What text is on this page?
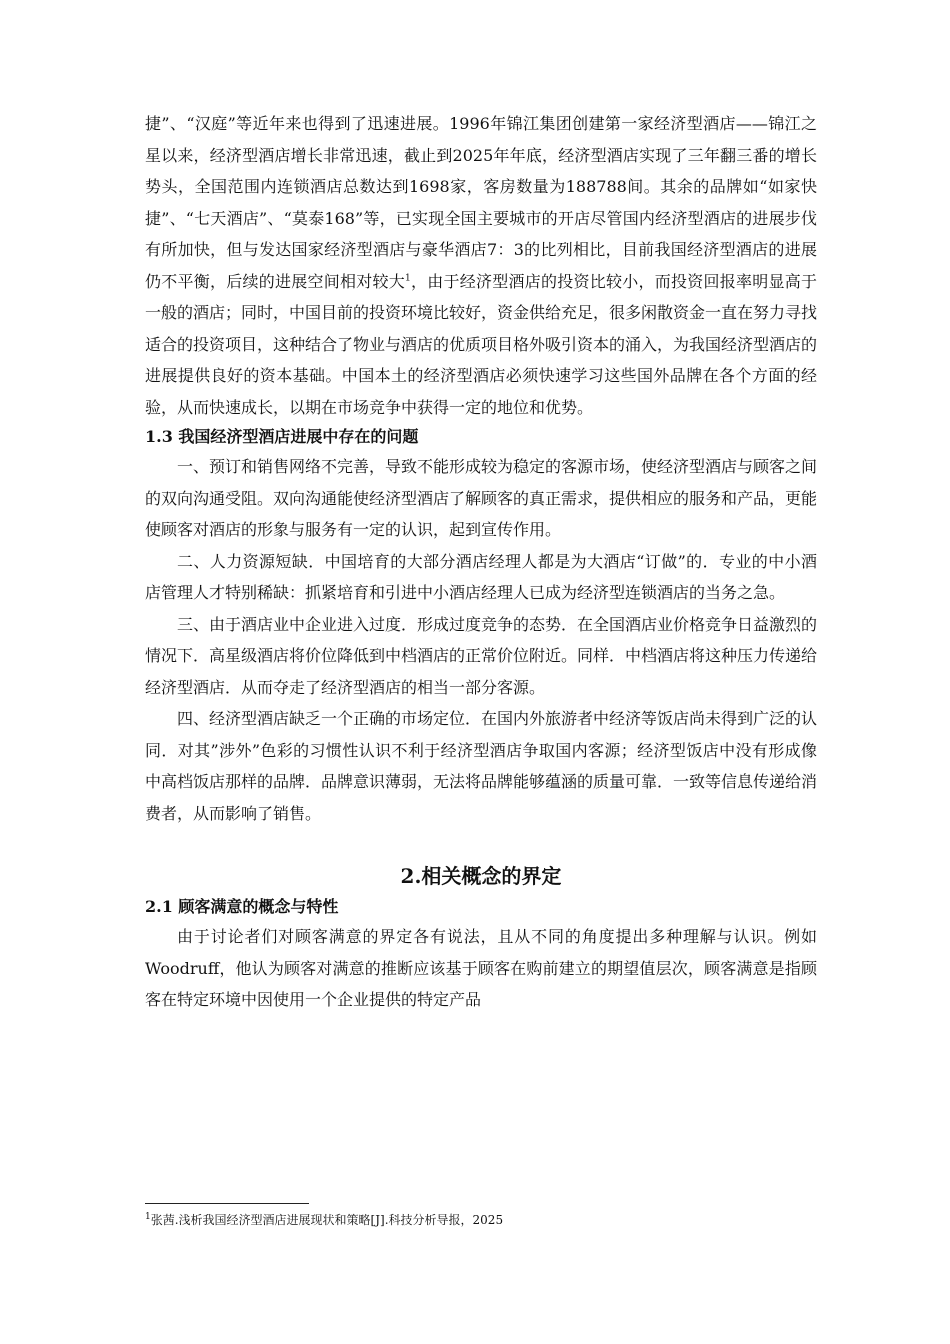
捷”、“汉庭”等近年来也得到了迅速进展。1996年锦江集团创建第一家经济型酒店——锦江之星以来，经济型酒店增长非常迅速，截止到2025年年底，经济型酒店实现了三年翻三番的增长势头，全国范围内连锁酒店总数达到1698家，客房数量为188788间。其余的品牌如“如家快捷”、“七天酒店”、“莫泰168”等，已实现全国主要城市的开店尽管国内经济型酒店的进展步伐有所加快，但与发达国家经济型酒店与豪华酒店7：3的比列相比，目前我国经济型酒店的进展仍不平衡，后续的进展空间相对较大$^1$，由于经济型酒店的投资比较小，而投资回报率明显高于一般的酒店；同时，中国目前的投资环境比较好，资金供给充足，很多闲散资金一直在努力寻找适合的投资项目，这种结合了物业与酒店的优质项目格外吸引资本的涌入，为我国经济型酒店的进展提供良好的资本基础。中国本土的经济型酒店必须快速学习这些国外品牌在各个方面的经验，从而快速成长，以期在市场竞争中获得一定的地位和优势。

1.3 我国经济型酒店进展中存在的问题

一、预订和销售网络不完善，导致不能形成较为稳定的客源市场，使经济型酒店与顾客之间的双向沟通受阻。双向沟通能使经济型酒店了解顾客的真正需求，提供相应的服务和产品，更能使顾客对酒店的形象与服务有一定的认识，起到宣传作用。

二、人力资源短缺．中国培育的大部分酒店经理人都是为大酒店“订做”的．专业的中小酒店管理人才特别稀缺：抓紧培育和引进中小酒店经理人已成为经济型连锁酒店的当务之急。

三、由于酒店业中企业进入过度．形成过度竞争的态势．在全国酒店业价格竞争日益激烈的情况下．高星级酒店将价位降低到中档酒店的正常价位附近。同样．中档酒店将这种压力传递给经济型酒店．从而夺走了经济型酒店的相当一部分客源。

四、经济型酒店缺乏一个正确的市场定位．在国内外旅游者中经济等饭店尚未得到广泛的认同．对其”涉外”色彩的习惯性认识不利于经济型酒店争取国内客源；经济型饭店中没有形成像中高档饭店那样的品牌．品牌意识薄弱，无法将品牌能够蕴涵的质量可靠．一致等信息传递给消费者，从而影响了销售。

2.相关概念的界定
2.1 顾客满意的概念与特性

由于讨论者们对顾客满意的界定各有说法，且从不同的角度提出多种理解与认识。例如Woodruff，他认为顾客对满意的推断应该基于顾客在购前建立的期望值层次，顾客满意是指顾客在特定环境中因使用一个企业提供的特定产品

$^1$张茜.浅析我国经济型酒店进展现状和策略[J].科技分析导报，2025
